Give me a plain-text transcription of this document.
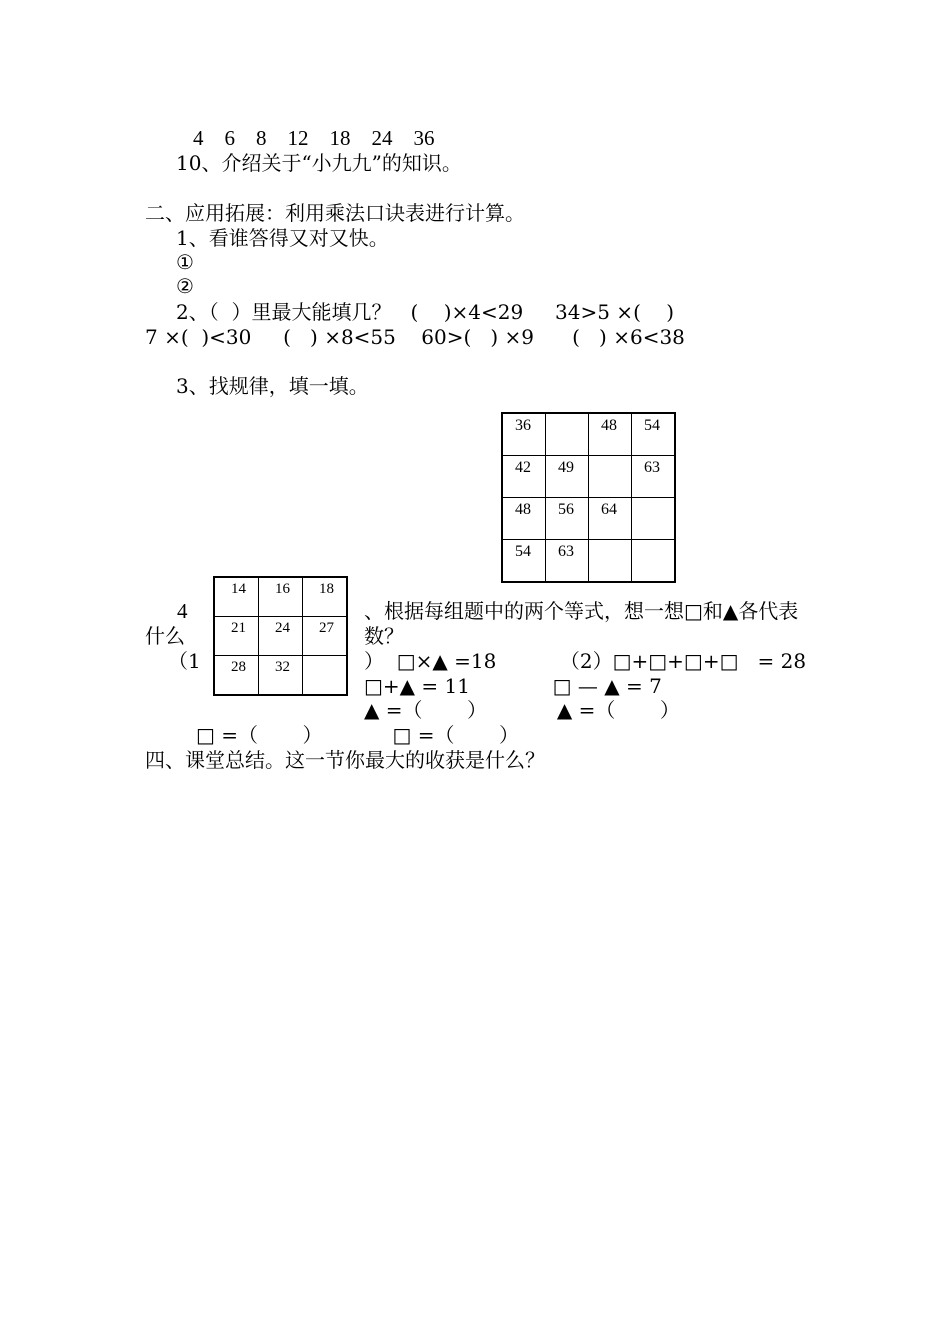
4    6    8    12    18    24    36
10、介绍关于“小九九”的知识。
二、应用拓展：利用乘法口诀表进行计算。
1、看谁答得又对又快。
①
②
2、（  ）里最大能填几？   (    )×4<29     34>5 ×(    )
7 ×(  )<30     (   ) ×8<55    60>(   ) ×9      (   ) ×6<38
3、找规律，填一填。
36		48	54

42	49		63

48	56	64	

54	63		

14	16	18

21	24	27

28	32	

4	、根据每组题中的两个等式，想一想□和▲各代表
什么	数？
（1	）  □×▲ =18          （2）□+□+□+□   = 28
□+▲ = 11             □ — ▲ = 7
▲ =（       ）           ▲ =（       ）
□ =（       ）           □ =（       ）
四、课堂总结。这一节你最大的收获是什么？
